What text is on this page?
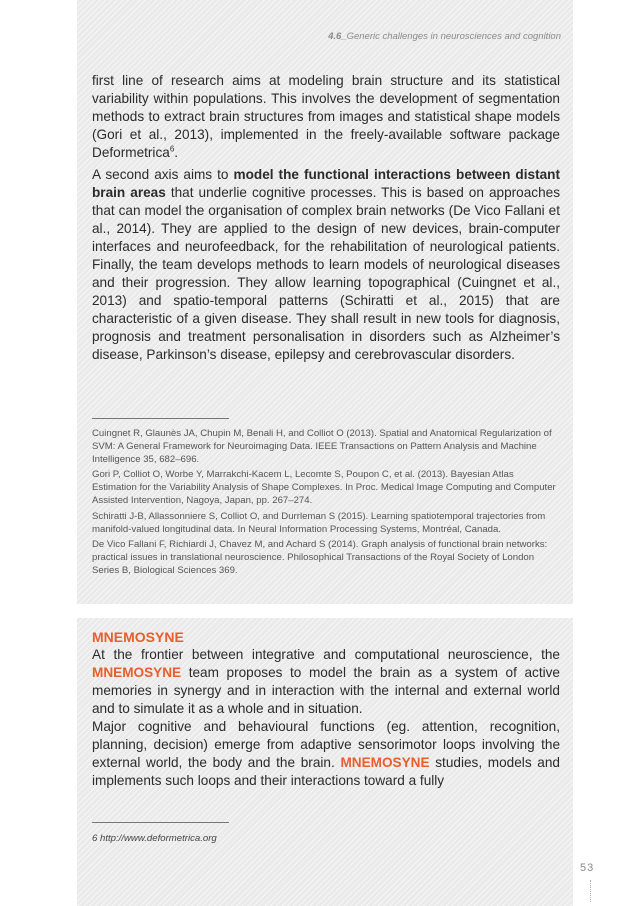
4.6_Generic challenges in neurosciences and cognition

first line of research aims at modeling brain structure and its statistical variability within populations. This involves the development of segmentation methods to extract brain structures from images and statistical shape models (Gori et al., 2013), implemented in the freely-available software package Deformetrica$^6$.

A second axis aims to model the functional interactions between distant brain areas that underlie cognitive processes. This is based on approaches that can model the organisation of complex brain networks (De Vico Fallani et al., 2014). They are applied to the design of new devices, brain-computer interfaces and neurofeedback, for the rehabilitation of neurological patients. Finally, the team develops methods to learn models of neurological diseases and their progression. They allow learning topographical (Cuingnet et al., 2013) and spatio-temporal patterns (Schiratti et al., 2015) that are characteristic of a given disease. They shall result in new tools for diagnosis, prognosis and treatment personalisation in disorders such as Alzheimer’s disease, Parkinson’s disease, epilepsy and cerebrovascular disorders.

Cuingnet R, Glaunès JA, Chupin M, Benali H, and Colliot O (2013). Spatial and Anatomical Regularization of SVM: A General Framework for Neuroimaging Data. IEEE Transactions on Pattern Analysis and Machine Intelligence 35, 682–696.

Gori P, Colliot O, Worbe Y, Marrakchi-Kacem L, Lecomte S, Poupon C, et al. (2013). Bayesian Atlas Estimation for the Variability Analysis of Shape Complexes. In Proc. Medical Image Computing and Computer Assisted Intervention, Nagoya, Japan, pp. 267–274.

Schiratti J-B, Allassonniere S, Colliot O, and Durrleman S (2015). Learning spatiotemporal trajectories from manifold-valued longitudinal data. In Neural Information Processing Systems, Montréal, Canada.

De Vico Fallani F, Richiardi J, Chavez M, and Achard S (2014). Graph analysis of functional brain networks: practical issues in translational neuroscience. Philosophical Transactions of the Royal Society of London Series B, Biological Sciences 369.

MNEMOSYNE

At the frontier between integrative and computational neuroscience, the MNEMOSYNE team proposes to model the brain as a system of active memories in synergy and in interaction with the internal and external world and to simulate it as a whole and in situation.

Major cognitive and behavioural functions (eg. attention, recognition, planning, decision) emerge from adaptive sensorimotor loops involving the external world, the body and the brain. MNEMOSYNE studies, models and implements such loops and their interactions toward a fully

6 http://www.deformetrica.org
53
